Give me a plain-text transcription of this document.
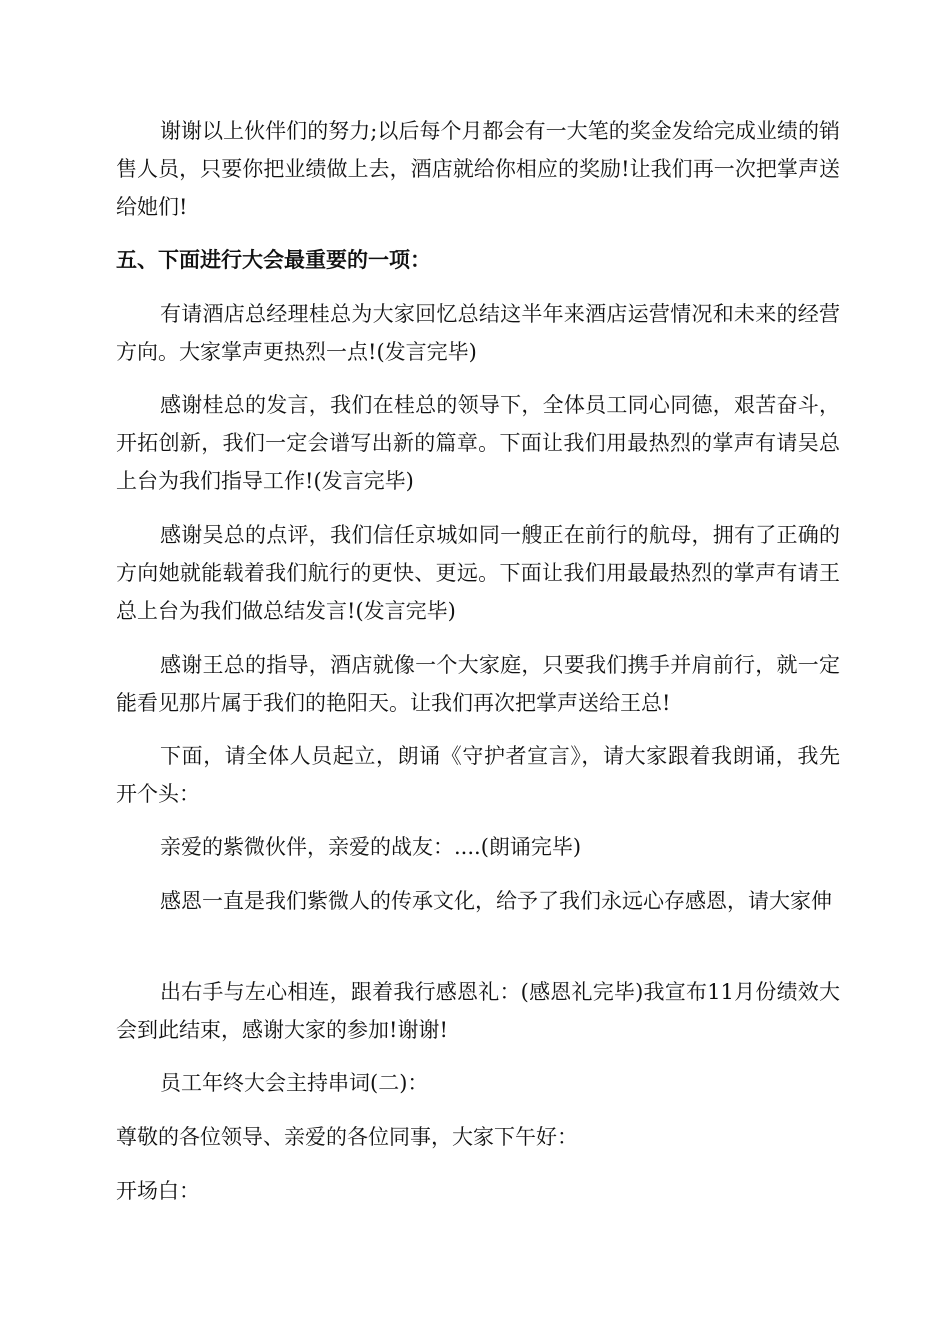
谢谢以上伙伴们的努力;以后每个月都会有一大笔的奖金发给完成业绩的销售人员，只要你把业绩做上去，酒店就给你相应的奖励!让我们再一次把掌声送给她们!

五、下面进行大会最重要的一项：

有请酒店总经理桂总为大家回忆总结这半年来酒店运营情况和未来的经营方向。大家掌声更热烈一点!(发言完毕)

感谢桂总的发言，我们在桂总的领导下，全体员工同心同德，艰苦奋斗，开拓创新，我们一定会谱写出新的篇章。下面让我们用最热烈的掌声有请吴总上台为我们指导工作!(发言完毕)

感谢吴总的点评，我们信任京城如同一艘正在前行的航母，拥有了正确的方向她就能载着我们航行的更快、更远。下面让我们用最最热烈的掌声有请王总上台为我们做总结发言!(发言完毕)

感谢王总的指导，酒店就像一个大家庭，只要我们携手并肩前行，就一定能看见那片属于我们的艳阳天。让我们再次把掌声送给王总!

下面，请全体人员起立，朗诵《守护者宣言》，请大家跟着我朗诵，我先开个头：

亲爱的紫微伙伴，亲爱的战友：....(朗诵完毕)

感恩一直是我们紫微人的传承文化，给予了我们永远心存感恩，请大家伸

出右手与左心相连，跟着我行感恩礼：(感恩礼完毕)我宣布11月份绩效大会到此结束，感谢大家的参加!谢谢!

员工年终大会主持串词(二)：

尊敬的各位领导、亲爱的各位同事，大家下午好：

开场白：
